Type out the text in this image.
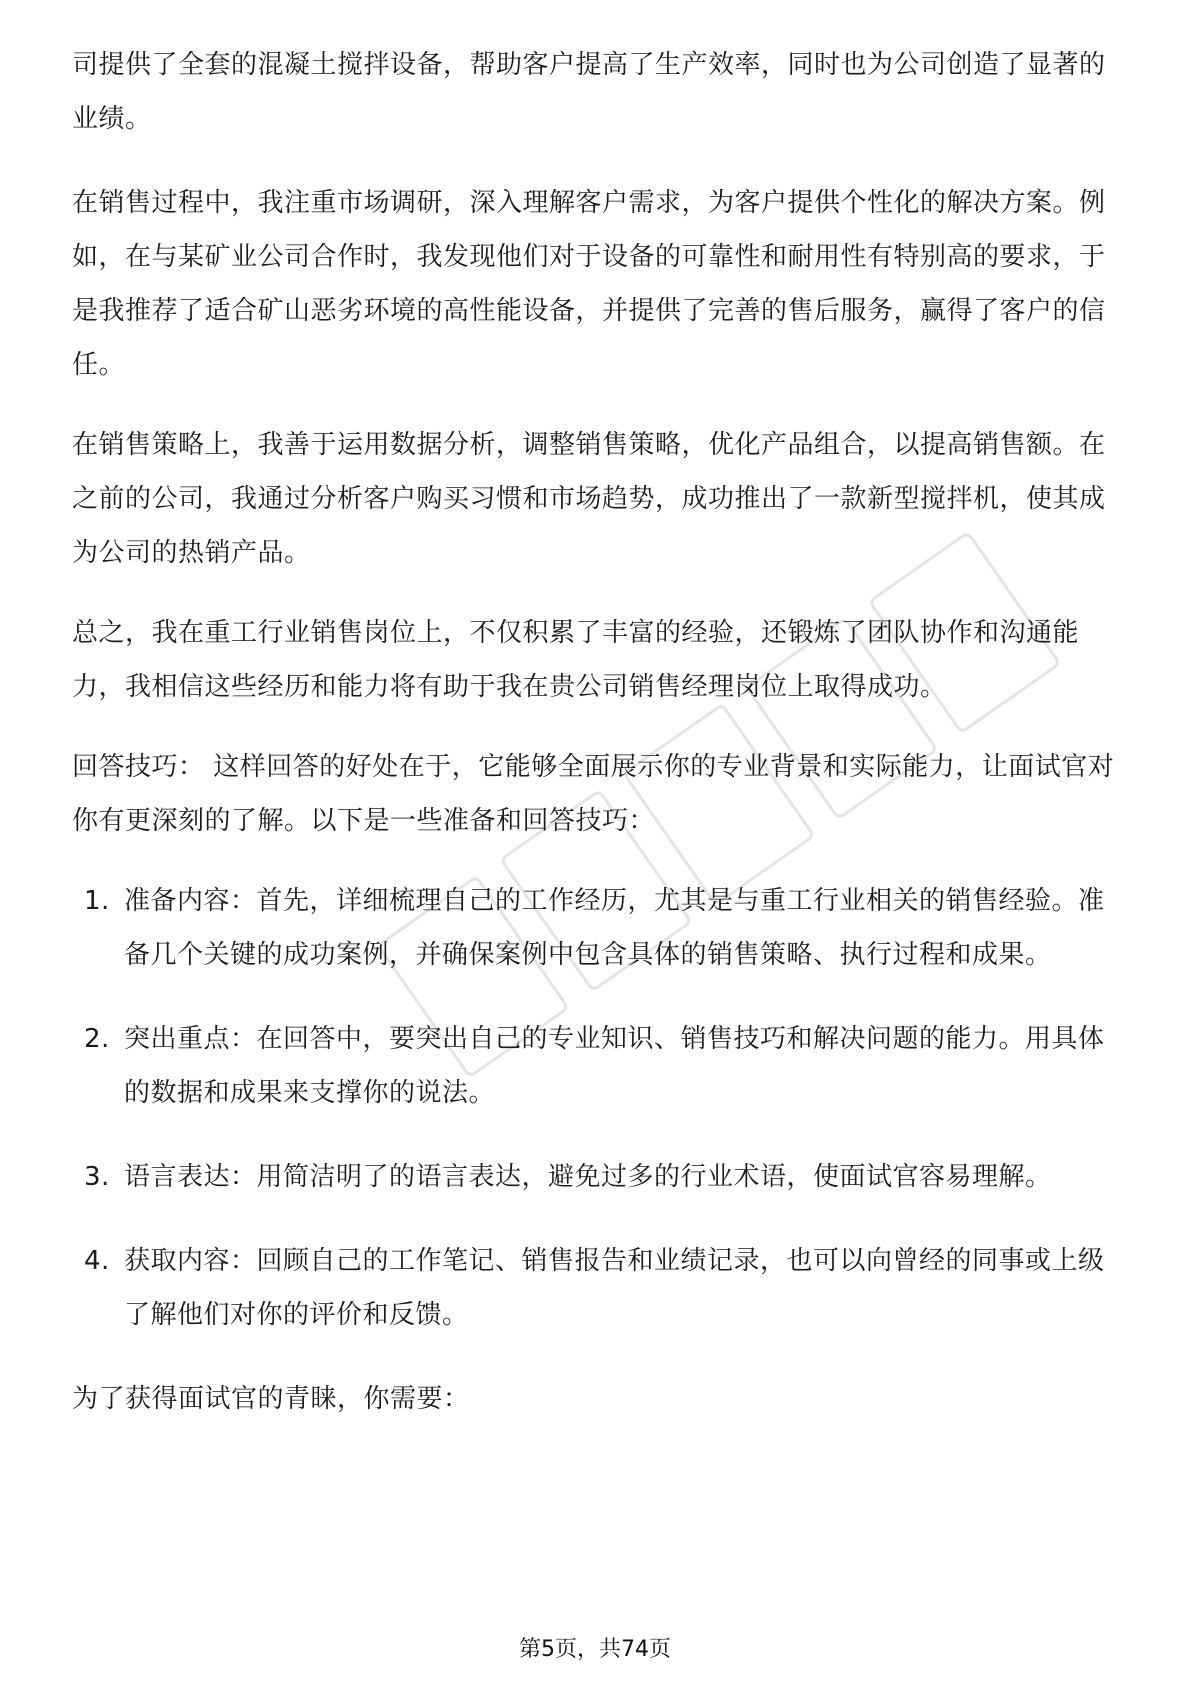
司提供了全套的混凝土搅拌设备，帮助客户提高了生产效率，同时也为公司创造了显著的业绩。

在销售过程中，我注重市场调研，深入理解客户需求，为客户提供个性化的解决方案。例如，在与某矿业公司合作时，我发现他们对于设备的可靠性和耐用性有特别高的要求，于是我推荐了适合矿山恶劣环境的高性能设备，并提供了完善的售后服务，赢得了客户的信任。

在销售策略上，我善于运用数据分析，调整销售策略，优化产品组合，以提高销售额。在之前的公司，我通过分析客户购买习惯和市场趋势，成功推出了一款新型搅拌机，使其成为公司的热销产品。

总之，我在重工行业销售岗位上，不仅积累了丰富的经验，还锻炼了团队协作和沟通能力，我相信这些经历和能力将有助于我在贵公司销售经理岗位上取得成功。

回答技巧： 这样回答的好处在于，它能够全面展示你的专业背景和实际能力，让面试官对你有更深刻的了解。以下是一些准备和回答技巧：

1. 准备内容：首先，详细梳理自己的工作经历，尤其是与重工行业相关的销售经验。准备几个关键的成功案例，并确保案例中包含具体的销售策略、执行过程和成果。
2. 突出重点：在回答中，要突出自己的专业知识、销售技巧和解决问题的能力。用具体的数据和成果来支撑你的说法。
3. 语言表达：用简洁明了的语言表达，避免过多的行业术语，使面试官容易理解。
4. 获取内容：回顾自己的工作笔记、销售报告和业绩记录，也可以向曾经的同事或上级了解他们对你的评价和反馈。

为了获得面试官的青睐，你需要：

第5页，共74页
